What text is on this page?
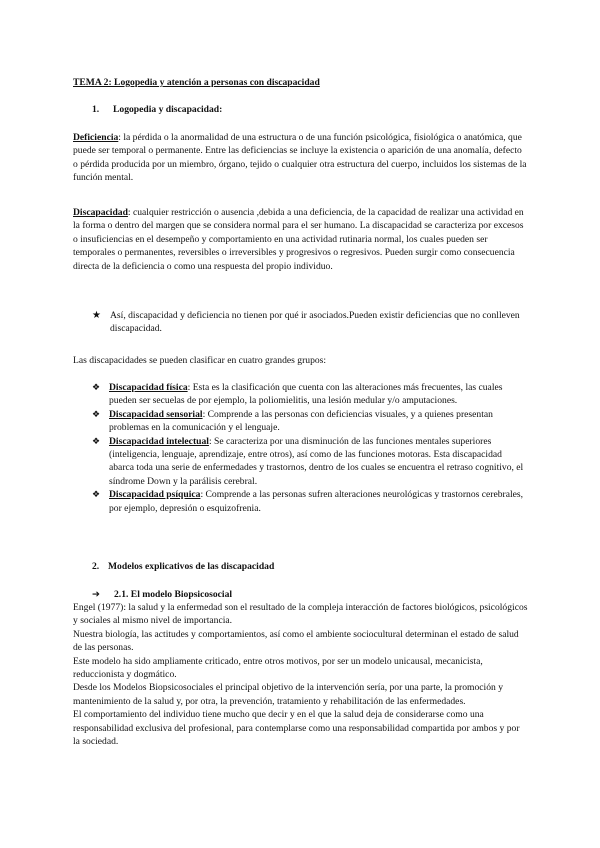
TEMA 2: Logopedia y atención a personas con discapacidad
1. Logopedia y discapacidad:
Deficiencia: la pérdida o la anormalidad de una estructura o de una función psicológica, fisiológica o anatómica, que puede ser temporal o permanente. Entre las deficiencias se incluye la existencia o aparición de una anomalía, defecto o pérdida producida por un miembro, órgano, tejido o cualquier otra estructura del cuerpo, incluidos los sistemas de la función mental.
Discapacidad: cualquier restricción o ausencia ,debida a una deficiencia, de la capacidad de realizar una actividad en la forma o dentro del margen que se considera normal para el ser humano. La discapacidad se caracteriza por excesos o insuficiencias en el desempeño y comportamiento en una actividad rutinaria normal, los cuales pueden ser temporales o permanentes, reversibles o irreversibles y progresivos o regresivos. Pueden surgir como consecuencia directa de la deficiencia o como una respuesta del propio individuo.
★ Así, discapacidad y deficiencia no tienen por qué ir asociados.Pueden existir deficiencias que no conlleven discapacidad.
Las discapacidades se pueden clasificar en cuatro grandes grupos:
❖ Discapacidad física: Esta es la clasificación que cuenta con las alteraciones más frecuentes, las cuales pueden ser secuelas de por ejemplo, la poliomielitis, una lesión medular y/o amputaciones.
❖ Discapacidad sensorial: Comprende a las personas con deficiencias visuales, y a quienes presentan problemas en la comunicación y el lenguaje.
❖ Discapacidad intelectual: Se caracteriza por una disminución de las funciones mentales superiores (inteligencia, lenguaje, aprendizaje, entre otros), así como de las funciones motoras. Esta discapacidad abarca toda una serie de enfermedades y trastornos, dentro de los cuales se encuentra el retraso cognitivo, el síndrome Down y la parálisis cerebral.
❖ Discapacidad psíquica: Comprende a las personas sufren alteraciones neurológicas y trastornos cerebrales, por ejemplo, depresión o esquizofrenia.
2. Modelos explicativos de las discapacidad
➔ 2.1. El modelo Biopsicosocial

Engel (1977): la salud y la enfermedad son el resultado de la compleja interacción de factores biológicos, psicológicos y sociales al mismo nivel de importancia.

Nuestra biología, las actitudes y comportamientos, así como el ambiente sociocultural determinan el estado de salud de las personas.

Este modelo ha sido ampliamente criticado, entre otros motivos, por ser un modelo unicausal, mecanicista, reduccionista y dogmático.

Desde los Modelos Biopsicosociales el principal objetivo de la intervención sería, por una parte, la promoción y mantenimiento de la salud y, por otra, la prevención, tratamiento y rehabilitación de las enfermedades.

El comportamiento del individuo tiene mucho que decir y en el que la salud deja de considerarse como una responsabilidad exclusiva del profesional, para contemplarse como una responsabilidad compartida por ambos y por la sociedad.
